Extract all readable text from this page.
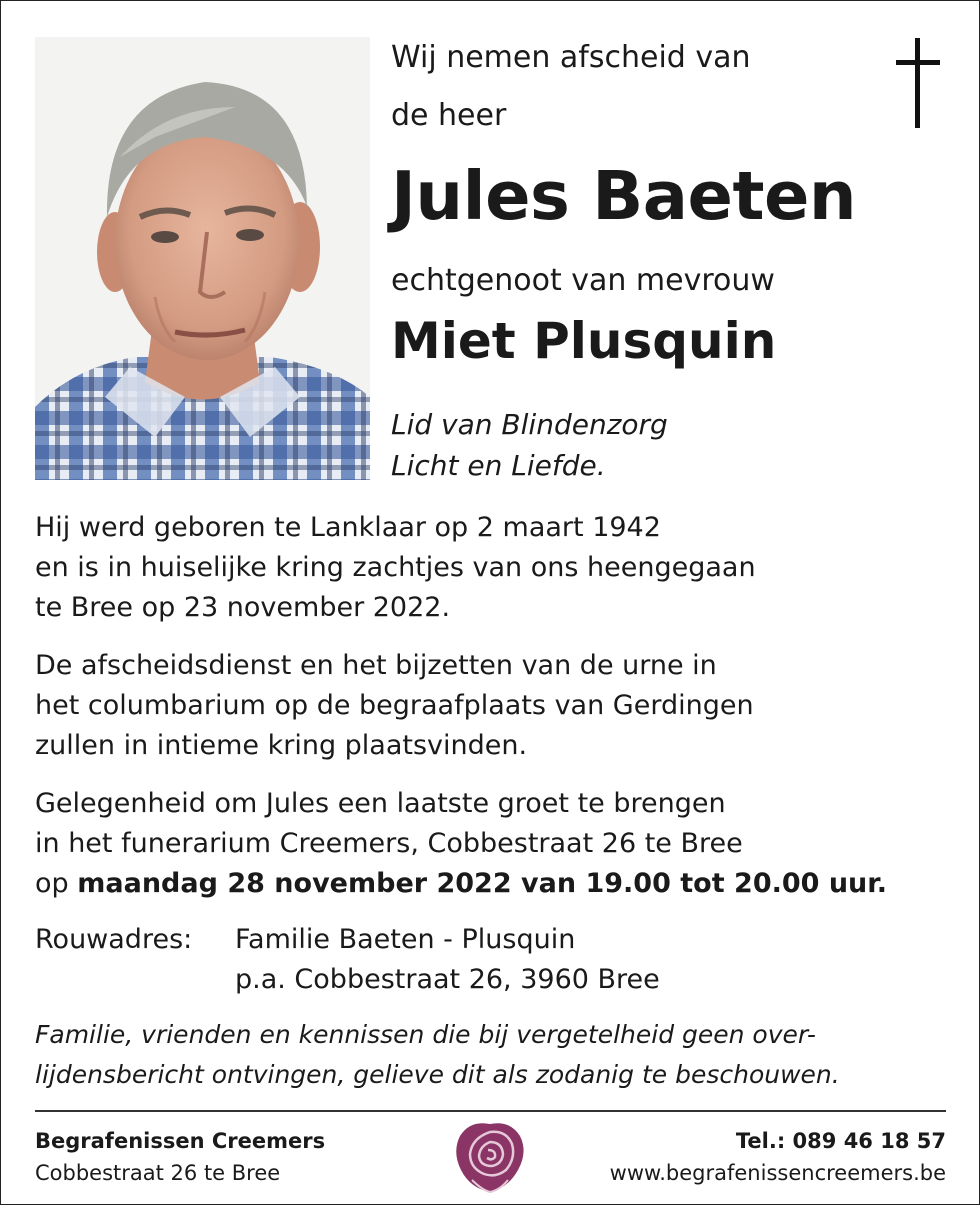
Wij nemen afscheid van
de heer
Jules Baeten
echtgenoot van mevrouw
Miet Plusquin
Lid van Blindenzorg
Licht en Liefde.
Hij werd geboren te Lanklaar op 2 maart 1942
en is in huiselijke kring zachtjes van ons heengegaan
te Bree op 23 november 2022.
De afscheidsdienst en het bijzetten van de urne in
het columbarium op de begraafplaats van Gerdingen
zullen in intieme kring plaatsvinden.
Gelegenheid om Jules een laatste groet te brengen
in het funerarium Creemers, Cobbestraat 26 te Bree
op maandag 28 november 2022 van 19.00 tot 20.00 uur.
Rouwadres: Familie Baeten - Plusquin
p.a. Cobbestraat 26, 3960 Bree
Familie, vrienden en kennissen die bij vergetelheid geen over-
lijdensbericht ontvingen, gelieve dit als zodanig te beschouwen.
Begrafenissen Creemers
Cobbestraat 26 te Bree
Tel.: 089 46 18 57
www.begrafenissencreemers.be
